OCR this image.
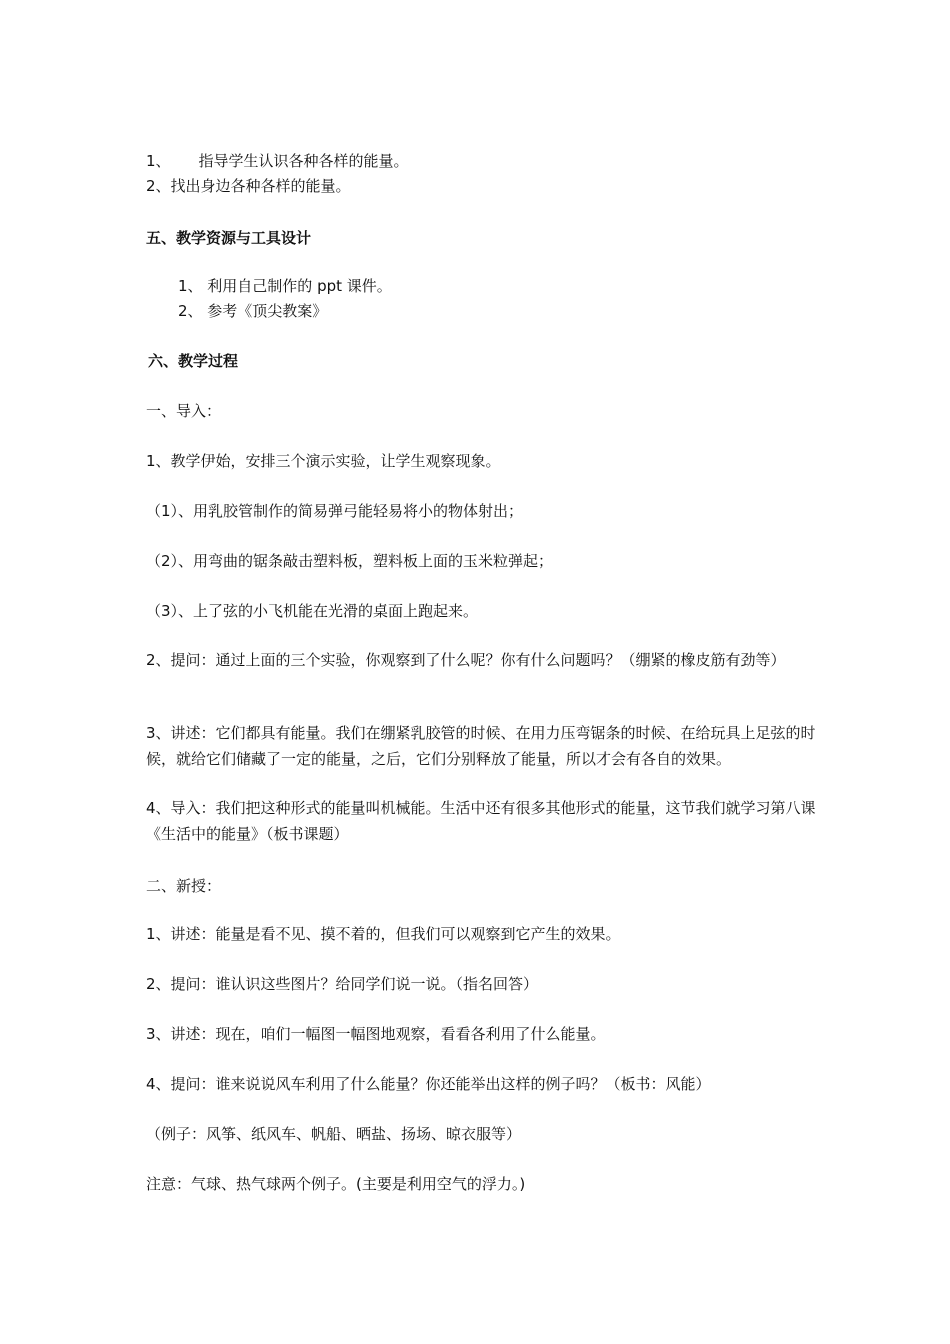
1、 指导学生认识各种各样的能量。
2、找出身边各种各样的能量。
五、教学资源与工具设计
1、 利用自己制作的 ppt 课件。
2、 参考《顶尖教案》
六、教学过程
一、导入：
1、教学伊始，安排三个演示实验，让学生观察现象。
（1）、用乳胶管制作的简易弹弓能轻易将小的物体射出；
（2）、用弯曲的锯条敲击塑料板，塑料板上面的玉米粒弹起；
（3）、上了弦的小飞机能在光滑的桌面上跑起来。
2、提问：通过上面的三个实验，你观察到了什么呢？你有什么问题吗？（绷紧的橡皮筋有劲等）
3、讲述：它们都具有能量。我们在绷紧乳胶管的时候、在用力压弯锯条的时候、在给玩具上足弦的时候，就给它们储藏了一定的能量，之后，它们分别释放了能量，所以才会有各自的效果。
4、导入：我们把这种形式的能量叫机械能。生活中还有很多其他形式的能量，这节我们就学习第八课《生活中的能量》（板书课题）
二、新授：
1、讲述：能量是看不见、摸不着的，但我们可以观察到它产生的效果。
2、提问：谁认识这些图片？给同学们说一说。（指名回答）
3、讲述：现在，咱们一幅图一幅图地观察，看看各利用了什么能量。
4、提问：谁来说说风车利用了什么能量？你还能举出这样的例子吗？（板书：风能）
（例子：风筝、纸风车、帆船、晒盐、扬场、晾衣服等）
注意：气球、热气球两个例子。(主要是利用空气的浮力。)
